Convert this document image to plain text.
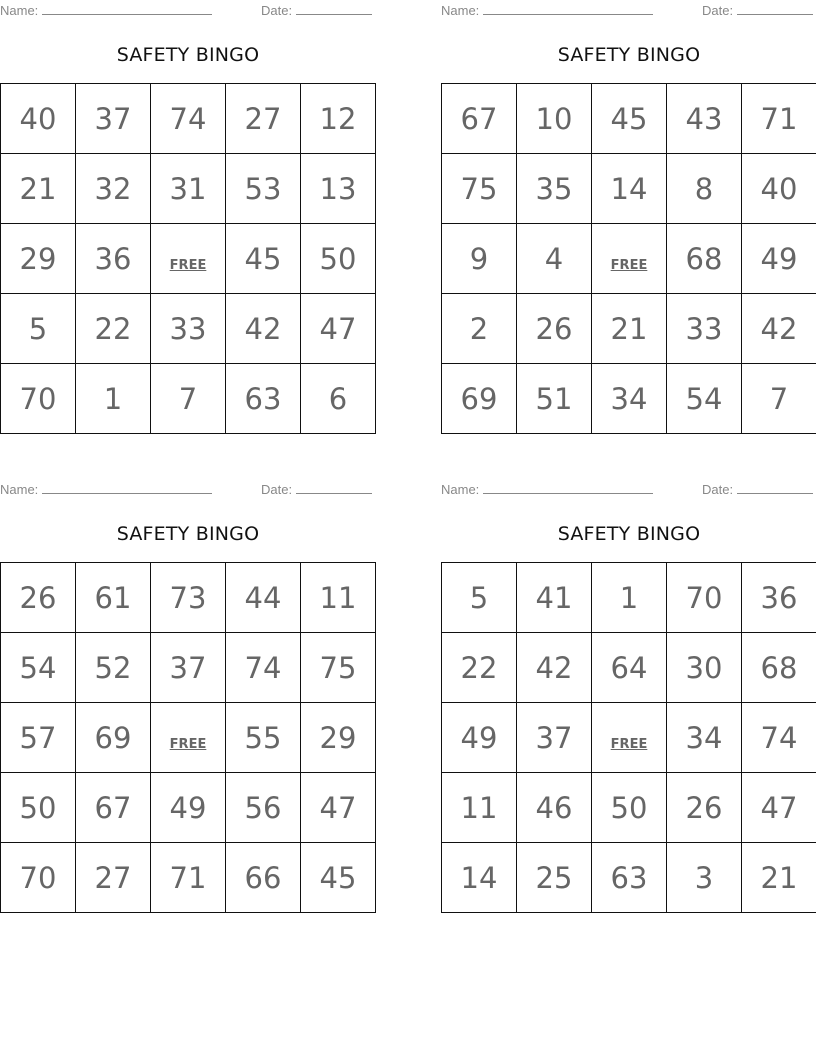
Name:	Date:
SAFETY BINGO
40	37	74	27	12
21	32	31	53	13
29	36	FREE	45	50
5	22	33	42	47
70	1	7	63	6
Name:	Date:
SAFETY BINGO
67	10	45	43	71
75	35	14	8	40
9	4	FREE	68	49
2	26	21	33	42
69	51	34	54	7
Name:	Date:
SAFETY BINGO
26	61	73	44	11
54	52	37	74	75
57	69	FREE	55	29
50	67	49	56	47
70	27	71	66	45
Name:	Date:
SAFETY BINGO
5	41	1	70	36
22	42	64	30	68
49	37	FREE	34	74
11	46	50	26	47
14	25	63	3	21
